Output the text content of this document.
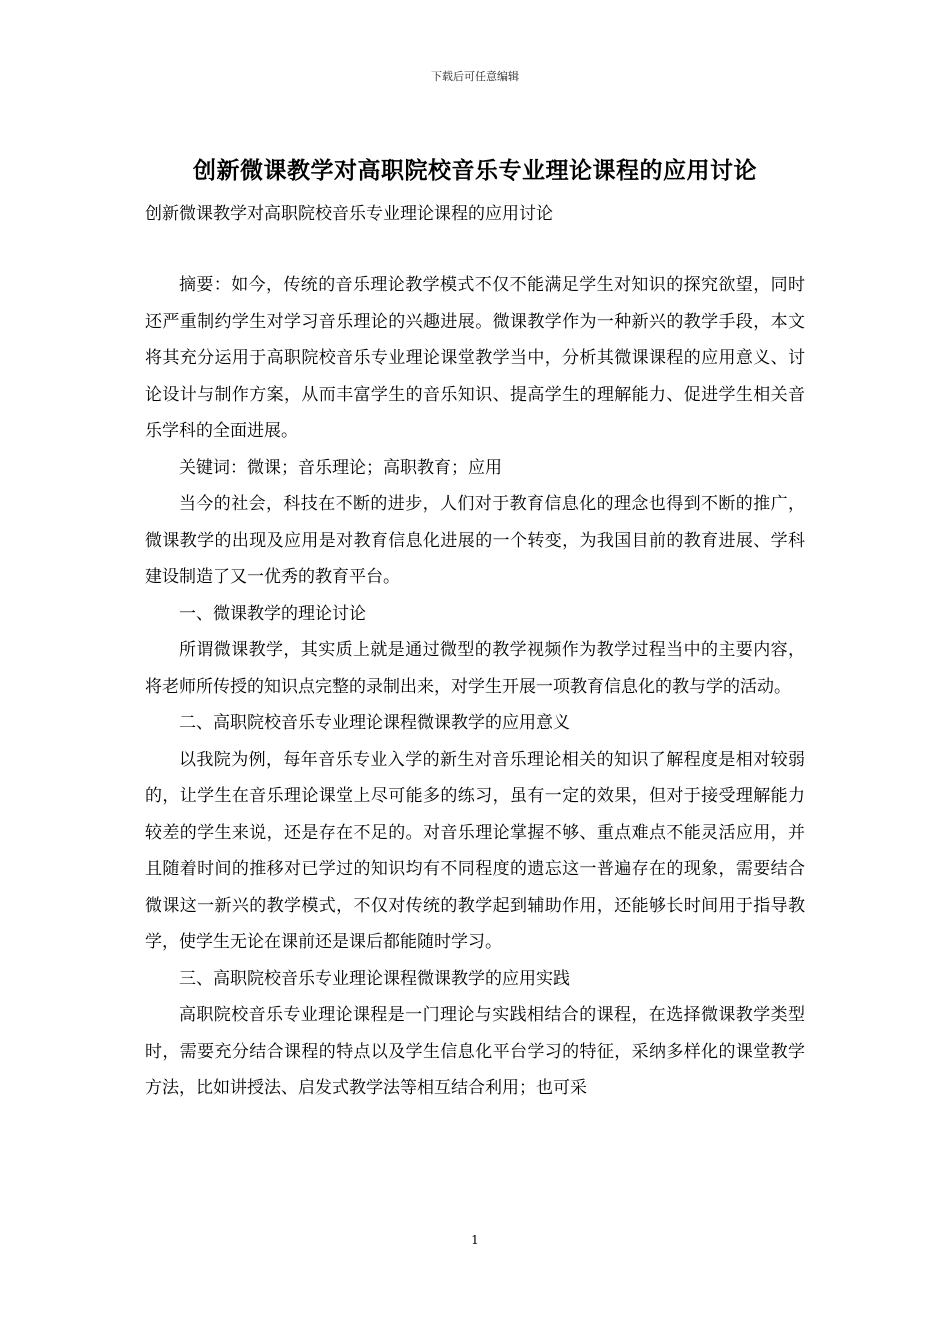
下载后可任意编辑
创新微课教学对高职院校音乐专业理论课程的应用讨论

创新微课教学对高职院校音乐专业理论课程的应用讨论

摘要：如今，传统的音乐理论教学模式不仅不能满足学生对知识的探究欲望，同时还严重制约学生对学习音乐理论的兴趣进展。微课教学作为一种新兴的教学手段，本文将其充分运用于高职院校音乐专业理论课堂教学当中，分析其微课课程的应用意义、讨论设计与制作方案，从而丰富学生的音乐知识、提高学生的理解能力、促进学生相关音乐学科的全面进展。

关键词：微课；音乐理论；高职教育；应用

当今的社会，科技在不断的进步，人们对于教育信息化的理念也得到不断的推广，微课教学的出现及应用是对教育信息化进展的一个转变，为我国目前的教育进展、学科建设制造了又一优秀的教育平台。

一、微课教学的理论讨论

所谓微课教学，其实质上就是通过微型的教学视频作为教学过程当中的主要内容，将老师所传授的知识点完整的录制出来，对学生开展一项教育信息化的教与学的活动。

二、高职院校音乐专业理论课程微课教学的应用意义

以我院为例，每年音乐专业入学的新生对音乐理论相关的知识了解程度是相对较弱的，让学生在音乐理论课堂上尽可能多的练习，虽有一定的效果，但对于接受理解能力较差的学生来说，还是存在不足的。对音乐理论掌握不够、重点难点不能灵活应用，并且随着时间的推移对已学过的知识均有不同程度的遗忘这一普遍存在的现象，需要结合微课这一新兴的教学模式，不仅对传统的教学起到辅助作用，还能够长时间用于指导教学，使学生无论在课前还是课后都能随时学习。

三、高职院校音乐专业理论课程微课教学的应用实践

高职院校音乐专业理论课程是一门理论与实践相结合的课程，在选择微课教学类型时，需要充分结合课程的特点以及学生信息化平台学习的特征，采纳多样化的课堂教学方法，比如讲授法、启发式教学法等相互结合利用；也可采

1
